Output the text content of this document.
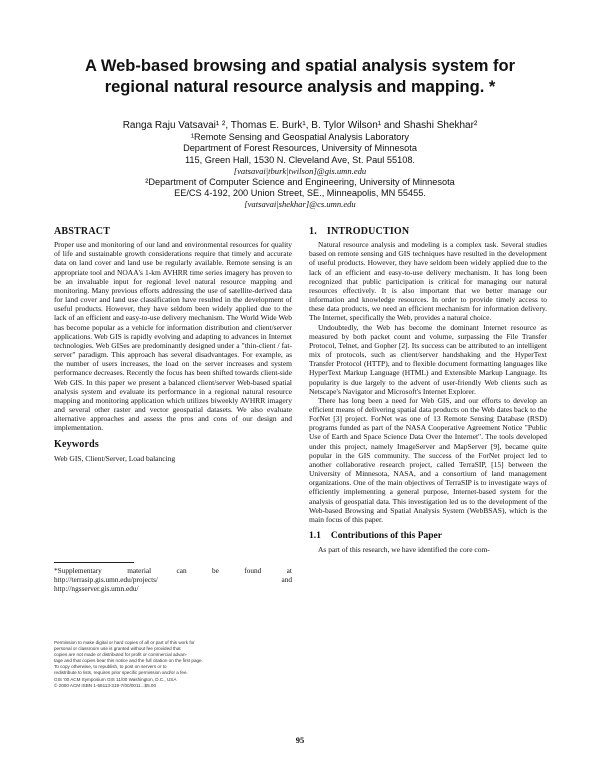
A Web-based browsing and spatial analysis system for
regional natural resource analysis and mapping. *
Ranga Raju Vatsavai¹ ², Thomas E. Burk¹, B. Tylor Wilson¹ and Shashi Shekhar²
¹Remote Sensing and Geospatial Analysis Laboratory
Department of Forest Resources, University of Minnesota
115, Green Hall, 1530 N. Cleveland Ave, St. Paul 55108.
[vatsavai|tburk|twilson]@gis.umn.edu
²Department of Computer Science and Engineering, University of Minnesota
EE/CS 4-192, 200 Union Street, SE., Minneapolis, MN 55455.
[vatsavai|shekhar]@cs.umn.edu
ABSTRACT

Proper use and monitoring of our land and environmental resources for quality of life and sustainable growth considerations require that timely and accurate data on land cover and land use be regularly available. Remote sensing is an appropriate tool and NOAA's 1-km AVHRR time series imagery has proven to be an invaluable input for regional level natural resource mapping and monitoring. Many previous efforts addressing the use of satellite-derived data for land cover and land use classification have resulted in the development of useful products. However, they have seldom been widely applied due to the lack of an efficient and easy-to-use delivery mechanism. The World Wide Web has become popular as a vehicle for information distribution and client/server applications. Web GIS is rapidly evolving and adapting to advances in Internet technologies. Web GISes are predominantly designed under a "thin-client / fat-server" paradigm. This approach has several disadvantages. For example, as the number of users increases, the load on the server increases and system performance decreases. Recently the focus has been shifted towards client-side Web GIS. In this paper we present a balanced client/server Web-based spatial analysis system and evaluate its performance in a regional natural resource mapping and monitoring application which utilizes biweekly AVHRR imagery and several other raster and vector geospatial datasets. We also evaluate alternative approaches and assess the pros and cons of our design and implementation.

Keywords

Web GIS, Client/Server, Load balancing

*Supplementary	material	can	be	found	at
http://terrasip.gis.umn.edu/projects/	and
http://ngsserver.gis.umn.edu/
Permission to make digital or hard copies of all or part of this work for
personal or classroom use is granted without fee provided that
copies are not made or distributed for profit or commercial advan-
tage and that copies bear this notice and the full citation on the first page.
To copy otherwise, to republish, to post on servers or to
redistribute to lists, requires prior specific permission and/or a fee.
GIS '00 ACM Symposium GIS 11/00 Washington, D.C., USA
© 2000 ACM ISBN 1-58113-319-7/00/0011...$5.00
1. INTRODUCTION

Natural resource analysis and modeling is a complex task. Several studies based on remote sensing and GIS techniques have resulted in the development of useful products. However, they have seldom been widely applied due to the lack of an efficient and easy-to-use delivery mechanism. It has long been recognized that public participation is critical for managing our natural resources effectively. It is also important that we better manage our information and knowledge resources. In order to provide timely access to these data products, we need an efficient mechanism for information delivery. The Internet, specifically the Web, provides a natural choice.

Undoubtedly, the Web has become the dominant Internet resource as measured by both packet count and volume, surpassing the File Transfer Protocol, Telnet, and Gopher [2]. Its success can be attributed to an intelligent mix of protocols, such as client/server handshaking and the HyperText Transfer Protocol (HTTP), and to flexible document formatting languages like HyperText Markup Language (HTML) and Extensible Markup Language. Its popularity is due largely to the advent of user-friendly Web clients such as Netscape's Navigator and Microsoft's Internet Explorer.

There has long been a need for Web GIS, and our efforts to develop an efficient means of delivering spatial data products on the Web dates back to the ForNet [3] project. ForNet was one of 13 Remote Sensing Database (RSD) programs funded as part of the NASA Cooperative Agreement Notice "Public Use of Earth and Space Science Data Over the Internet". The tools developed under this project, namely ImageServer and MapServer [9], became quite popular in the GIS community. The success of the ForNet project led to another collaborative research project, called TerraSIP, [15] between the University of Minnesota, NASA, and a consortium of land management organizations. One of the main objectives of TerraSIP is to investigate ways of efficiently implementing a general purpose, Internet-based system for the analysis of geospatial data. This investigation led us to the development of the Web-based Browsing and Spatial Analysis System (WebBSAS), which is the main focus of this paper.

1.1 Contributions of this Paper

As part of this research, we have identified the core com-

95
